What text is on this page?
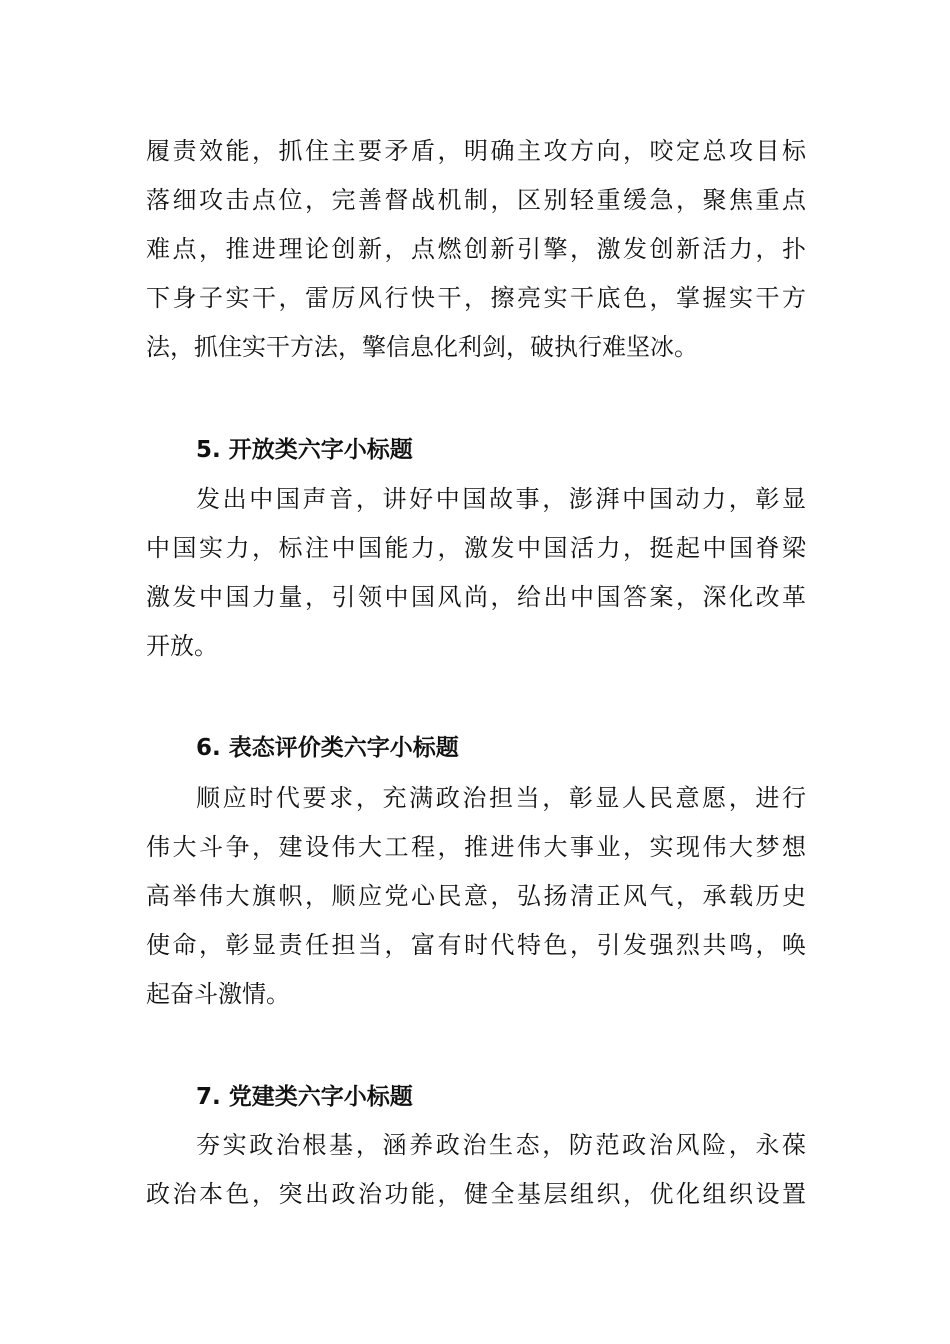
履责效能，抓住主要矛盾，明确主攻方向，咬定总攻目标
落细攻击点位，完善督战机制，区别轻重缓急，聚焦重点
难点，推进理论创新，点燃创新引擎，激发创新活力，扑
下身子实干，雷厉风行快干，擦亮实干底色，掌握实干方
法，抓住实干方法，擎信息化利剑，破执行难坚冰。
5. 开放类六字小标题
发出中国声音，讲好中国故事，澎湃中国动力，彰显
中国实力，标注中国能力，激发中国活力，挺起中国脊梁
激发中国力量，引领中国风尚，给出中国答案，深化改革
开放。
6. 表态评价类六字小标题
顺应时代要求，充满政治担当，彰显人民意愿，进行
伟大斗争，建设伟大工程，推进伟大事业，实现伟大梦想
高举伟大旗帜，顺应党心民意，弘扬清正风气，承载历史
使命，彰显责任担当，富有时代特色，引发强烈共鸣，唤
起奋斗激情。
7. 党建类六字小标题
夯实政治根基，涵养政治生态，防范政治风险，永葆
政治本色，突出政治功能，健全基层组织，优化组织设置
